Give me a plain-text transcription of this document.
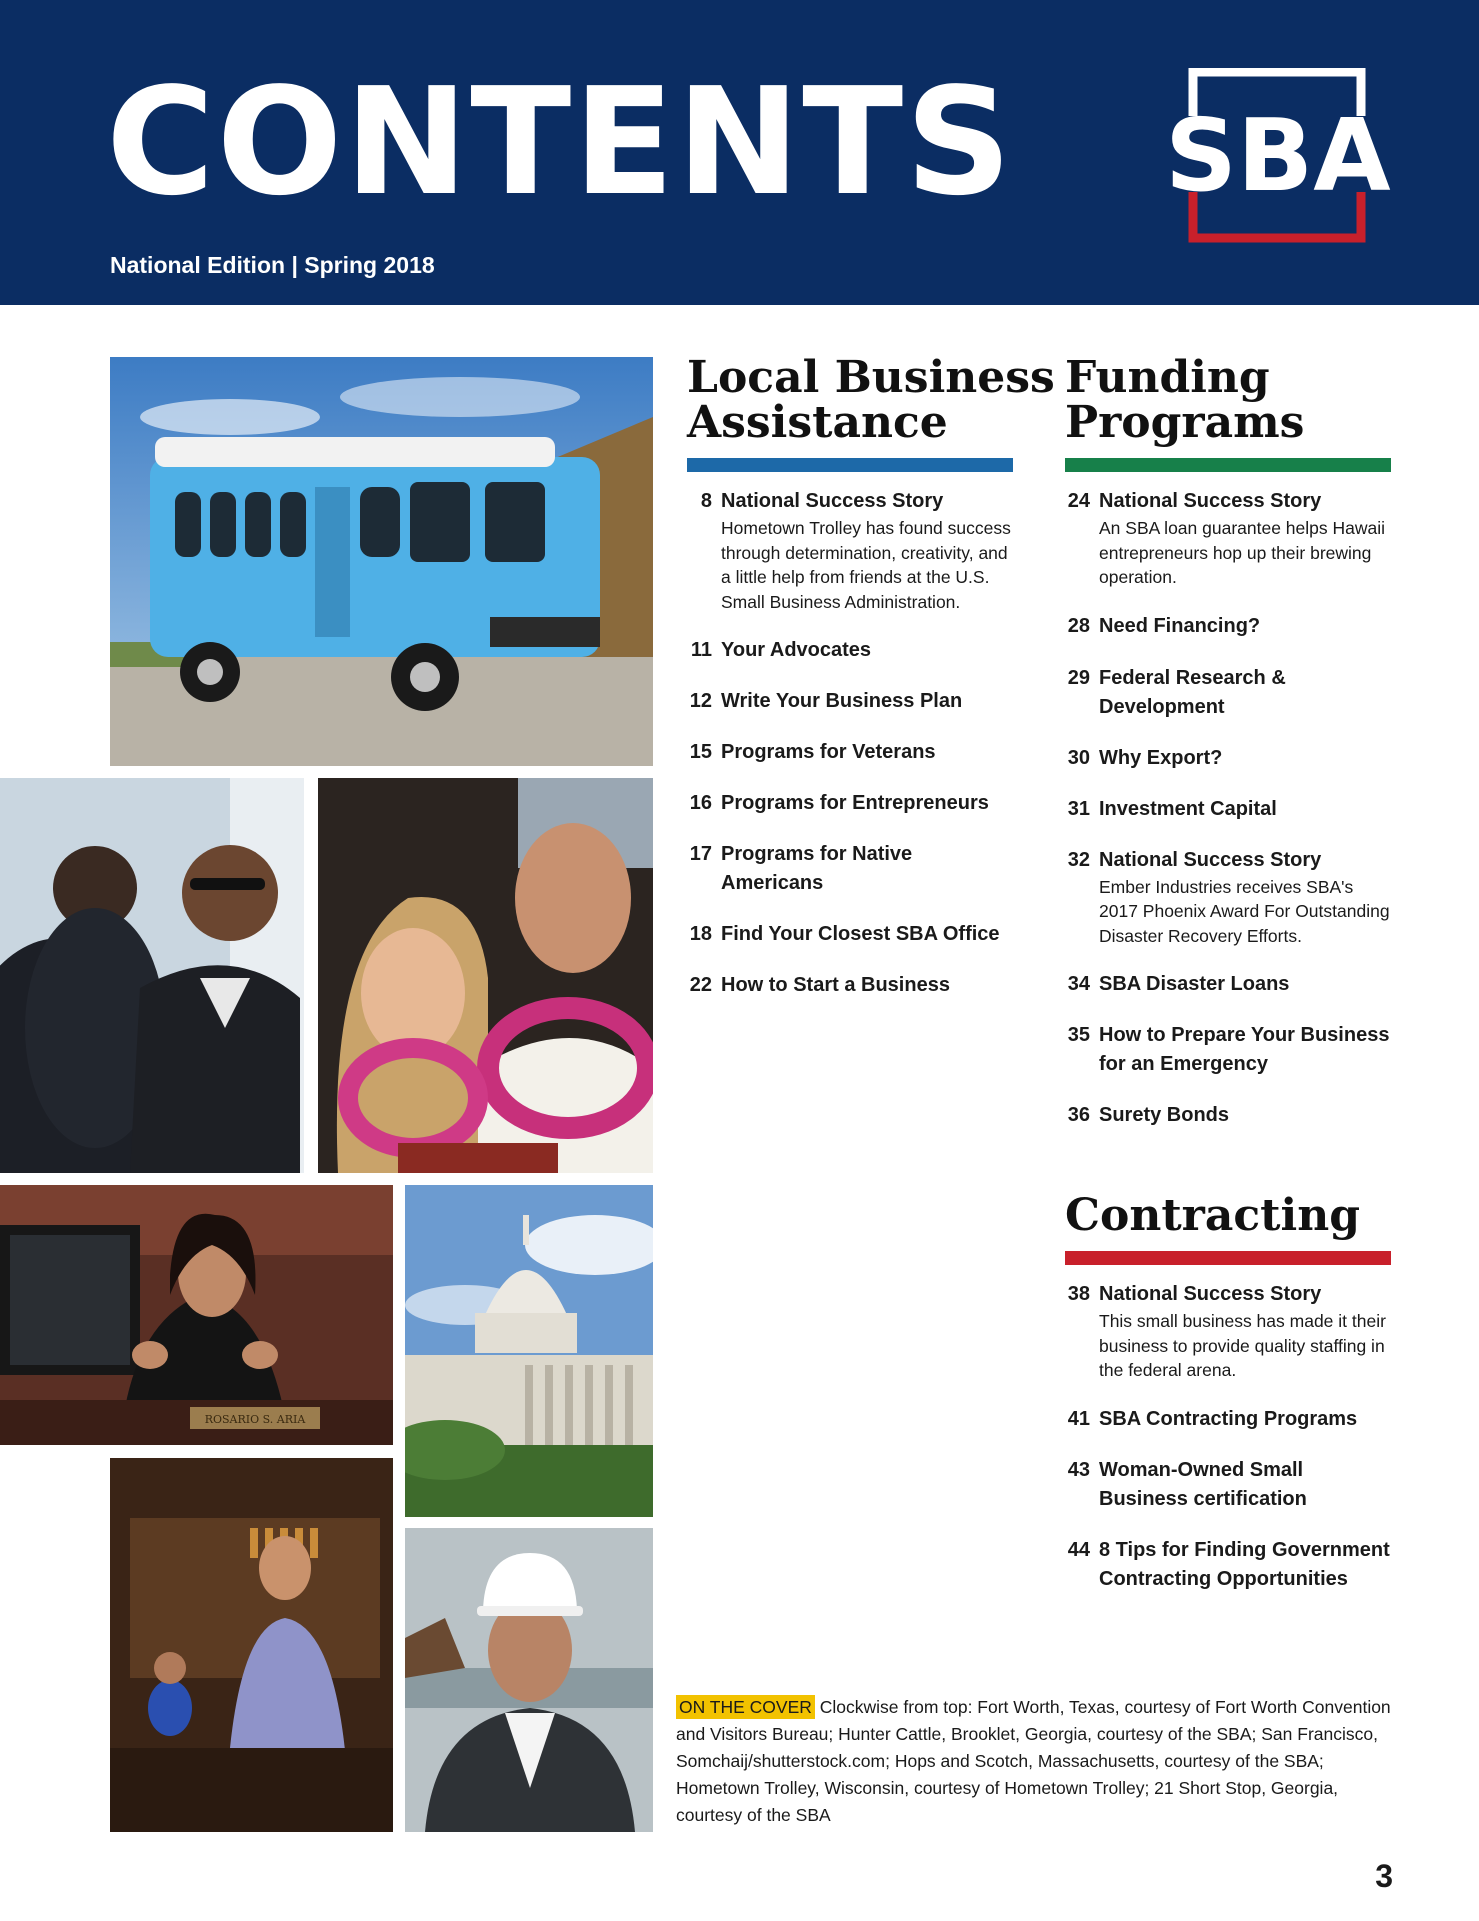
CONTENTS
National Edition | Spring 2018
SBA
ROSARIO S. ARIA
Local Business
Assistance
8 National Success Story
Hometown Trolley has found success through determination, creativity, and a little help from friends at the U.S. Small Business Administration.
11 Your Advocates
12 Write Your Business Plan
15 Programs for Veterans
16 Programs for Entrepreneurs
17 Programs for Native Americans
18 Find Your Closest SBA Office
22 How to Start a Business
Funding
Programs
24 National Success Story
An SBA loan guarantee helps Hawaii entrepreneurs hop up their brewing operation.
28 Need Financing?
29 Federal Research & Development
30 Why Export?
31 Investment Capital
32 National Success Story
Ember Industries receives SBA's 2017 Phoenix Award For Outstanding Disaster Recovery Efforts.
34 SBA Disaster Loans
35 How to Prepare Your Business for an Emergency
36 Surety Bonds
Contracting
38 National Success Story
This small business has made it their business to provide quality staffing in the federal arena.
41 SBA Contracting Programs
43 Woman-Owned Small Business certification
44 8 Tips for Finding Government Contracting Opportunities
ON THE COVER Clockwise from top: Fort Worth, Texas, courtesy of Fort Worth Convention and Visitors Bureau; Hunter Cattle, Brooklet, Georgia, courtesy of the SBA; San Francisco, Somchaij/shutterstock.com; Hops and Scotch, Massachusetts, courtesy of the SBA; Hometown Trolley, Wisconsin, courtesy of Hometown Trolley; 21 Short Stop, Georgia, courtesy of the SBA
3
